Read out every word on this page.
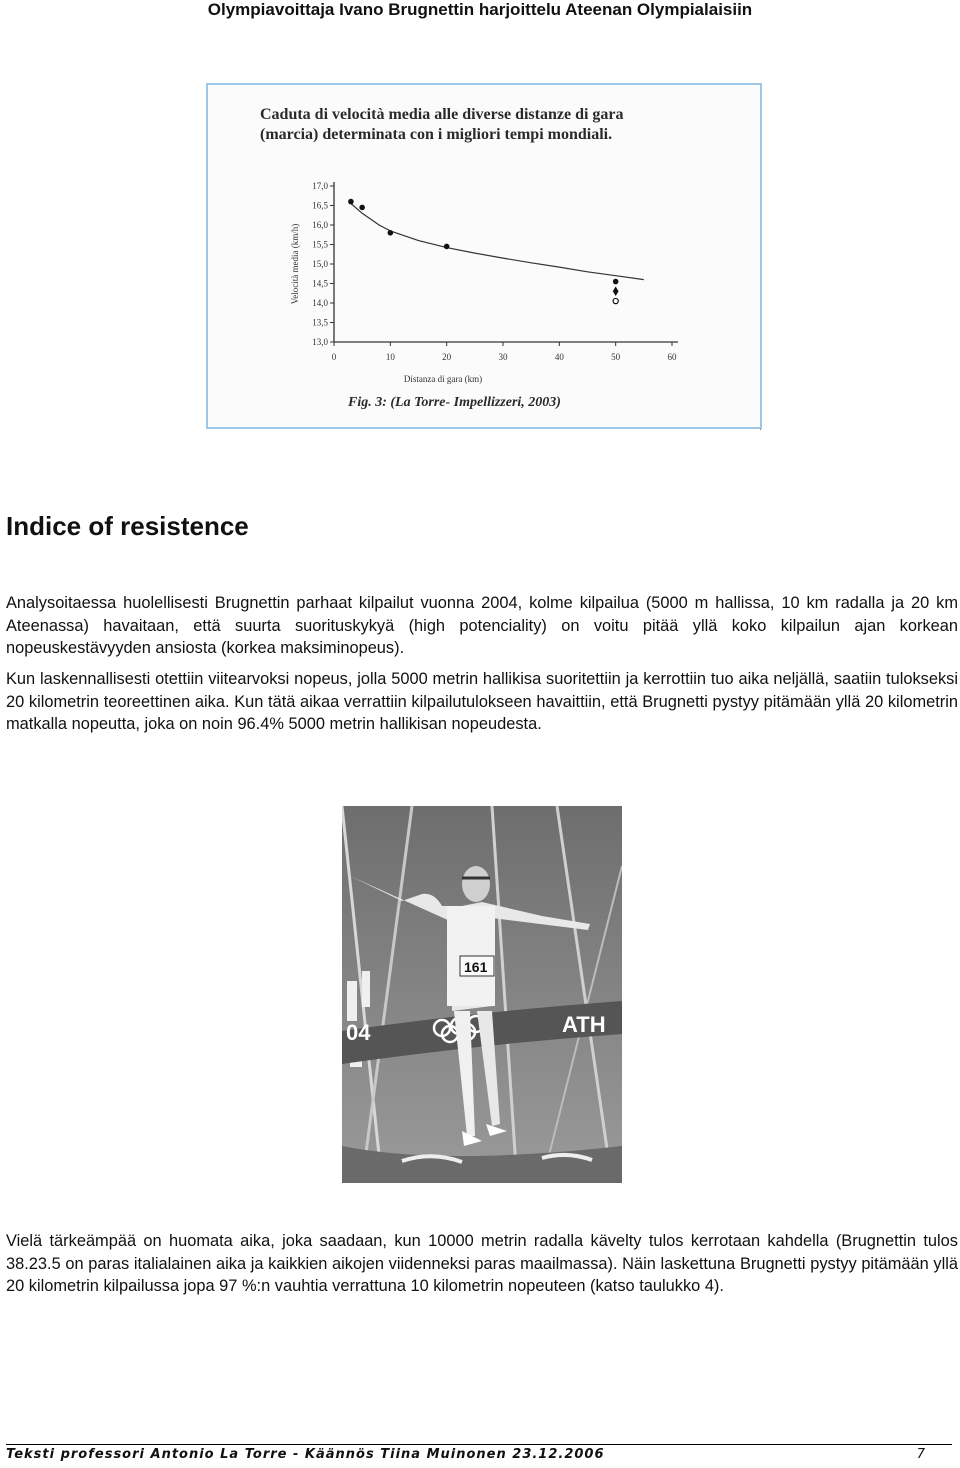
Olympiavoittaja Ivano Brugnettin harjoittelu Ateenan Olympialaisiin
Caduta di velocità media alle diverse distanze di gara
(marcia) determinata con i migliori tempi mondiali.
0	10	20	30	40	50	60
13,0
13,5
14,0
14,5
15,0
15,5
16,0
16,5
17,0
Distanza di gara (km)
Velocità media (km/h)
Fig. 3: (La Torre- Impellizzeri, 2003)
Indice of resistence

Analysoitaessa huolellisesti Brugnettin parhaat kilpailut vuonna 2004, kolme kilpailua (5000 m hallissa, 10 km radalla ja 20 km Ateenassa) havaitaan, että suurta suorituskykyä (high potenciality) on voitu pitää yllä koko kilpailun ajan korkean nopeuskestävyyden ansiosta (korkea maksiminopeus).

Kun laskennallisesti otettiin viitearvoksi nopeus, jolla 5000 metrin hallikisa suoritettiin ja kerrottiin tuo aika neljällä, saatiin tulokseksi 20 kilometrin teoreettinen aika. Kun tätä aikaa verrattiin kilpailutulokseen havaittiin, että Brugnetti pystyy pitämään yllä 20 kilometrin matkalla nopeutta, joka on noin 96.4% 5000 metrin hallikisan nopeudesta.

04	ATH
161

Vielä tärkeämpää on huomata aika, joka saadaan, kun 10000 metrin radalla kävelty tulos kerrotaan kahdella (Brugnettin tulos 38.23.5 on paras italialainen aika ja kaikkien aikojen viidenneksi paras maailmassa). Näin laskettuna Brugnetti pystyy pitämään yllä 20 kilometrin kilpailussa jopa 97 %:n vauhtia verrattuna 10 kilometrin nopeuteen (katso taulukko 4).

Teksti professori Antonio La Torre - Käännös Tiina Muinonen 23.12.2006	7
